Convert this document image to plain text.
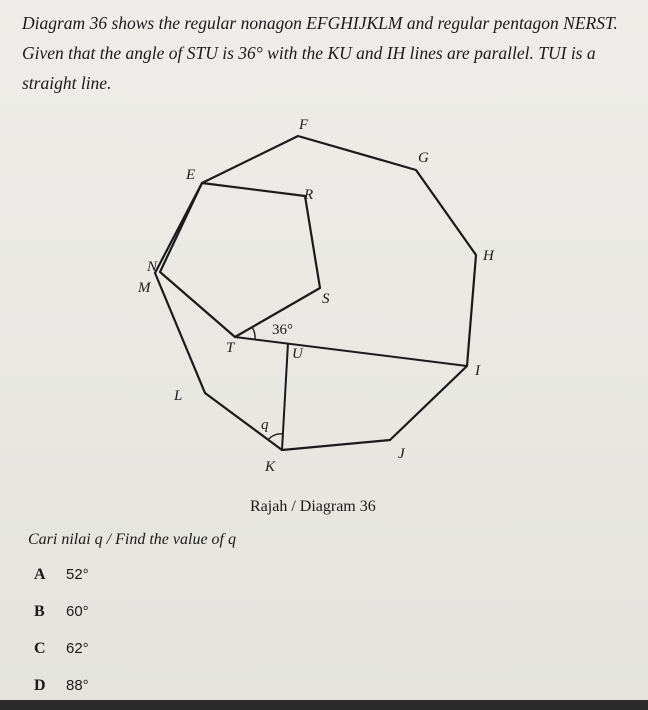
Diagram 36 shows the regular nonagon EFGHIJKLM and regular pentagon NERST.

Given that the angle of STU is 36° with the KU and IH lines are parallel. TUI is a

straight line.

F
G
E
R
H
N
M
S
36°
T	U
I
L
q
J
K
Rajah / Diagram 36
Cari nilai q / Find the value of q
A 52°
B 60°
C 62°
D 88°
